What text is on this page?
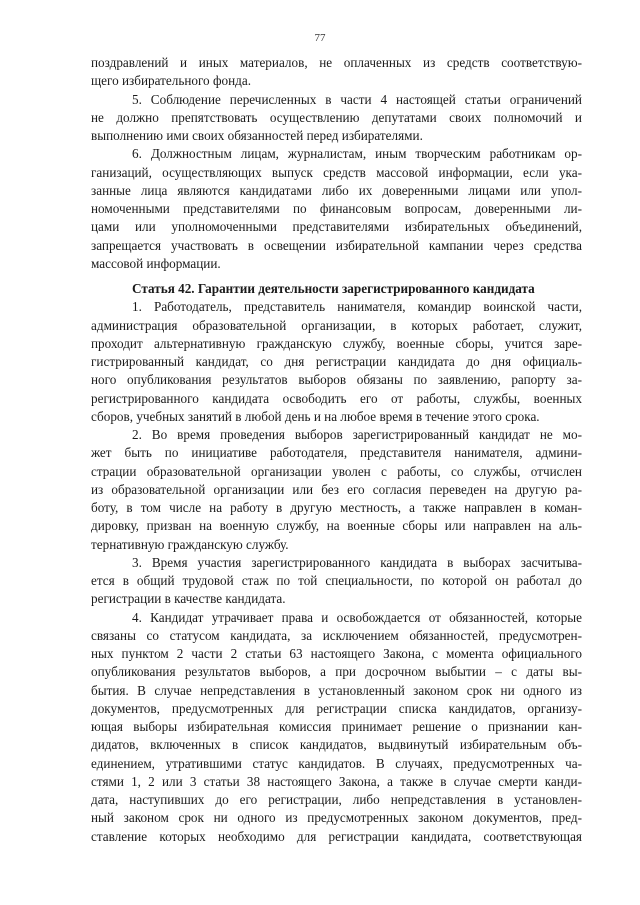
77
поздравлений и иных материалов, не оплаченных из средств соответствую-
щего избирательного фонда.
5. Соблюдение перечисленных в части 4 настоящей статьи ограничений
не должно препятствовать осуществлению депутатами своих полномочий и
выполнению ими своих обязанностей перед избирателями.
6. Должностным лицам, журналистам, иным творческим работникам ор-
ганизаций, осуществляющих выпуск средств массовой информации, если ука-
занные лица являются кандидатами либо их доверенными лицами или упол-
номоченными представителями по финансовым вопросам, доверенными ли-
цами или уполномоченными представителями избирательных объединений,
запрещается участвовать в освещении избирательной кампании через средства
массовой информации.
Статья 42. Гарантии деятельности зарегистрированного кандидата
1. Работодатель, представитель нанимателя, командир воинской части,
администрация образовательной организации, в которых работает, служит,
проходит альтернативную гражданскую службу, военные сборы, учится заре-
гистрированный кандидат, со дня регистрации кандидата до дня официаль-
ного опубликования результатов выборов обязаны по заявлению, рапорту за-
регистрированного кандидата освободить его от работы, службы, военных
сборов, учебных занятий в любой день и на любое время в течение этого срока.
2. Во время проведения выборов зарегистрированный кандидат не мо-
жет быть по инициативе работодателя, представителя нанимателя, админи-
страции образовательной организации уволен с работы, со службы, отчислен
из образовательной организации или без его согласия переведен на другую ра-
боту, в том числе на работу в другую местность, а также направлен в коман-
дировку, призван на военную службу, на военные сборы или направлен на аль-
тернативную гражданскую службу.
3. Время участия зарегистрированного кандидата в выборах засчитыва-
ется в общий трудовой стаж по той специальности, по которой он работал до
регистрации в качестве кандидата.
4. Кандидат утрачивает права и освобождается от обязанностей, которые
связаны со статусом кандидата, за исключением обязанностей, предусмотрен-
ных пунктом 2 части 2 статьи 63 настоящего Закона, с момента официального
опубликования результатов выборов, а при досрочном выбытии – с даты вы-
бытия. В случае непредставления в установленный законом срок ни одного из
документов, предусмотренных для регистрации списка кандидатов, организу-
ющая выборы избирательная комиссия принимает решение о признании кан-
дидатов, включенных в список кандидатов, выдвинутый избирательным объ-
единением, утратившими статус кандидатов. В случаях, предусмотренных ча-
стями 1, 2 или 3 статьи 38 настоящего Закона, а также в случае смерти канди-
дата, наступивших до его регистрации, либо непредставления в установлен-
ный законом срок ни одного из предусмотренных законом документов, пред-
ставление которых необходимо для регистрации кандидата, соответствующая
